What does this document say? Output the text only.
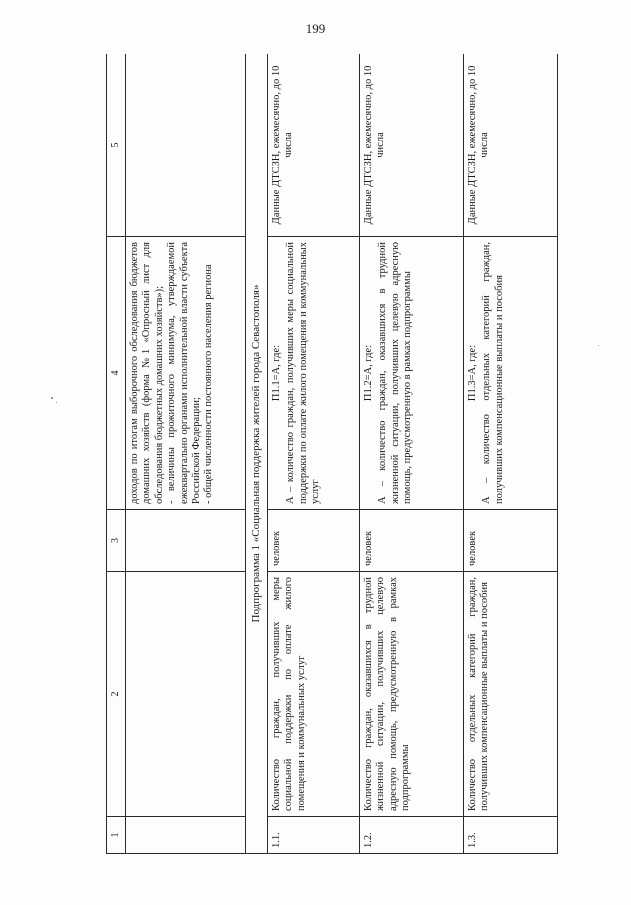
199
1	2	3	4	5

			доходов по итогам выборочного обследования бюджетов домашних хозяйств (форма №1 «Опросный лист для обследования бюджетных домашних хозяйств»);
- величины прожиточного минимума, утверждаемой ежеквартально органами исполнительной власти субъекта Российской Федерации;
- общей численности постоянного населения региона	

Подпрограмма 1 «Социальная поддержка жителей города Севастополя»				
1.1.	Количество граждан, получивших меры социальной поддержки по оплате жилого помещения и коммунальных услуг	человек	П1.1=А, где: А – количество граждан, получивших меры социальной поддержки по оплате жилого помещения и коммунальных услуг	Данные ДТСЗН, ежемесячно, до 10 числа
1.2.	Количество граждан, оказавшихся в трудной жизненной ситуации, получивших целевую адресную помощь, предусмотренную в рамках подпрограммы	человек	П1.2=А, где: А – количество граждан, оказавшихся в трудной жизненной ситуации, получивших целевую адресную помощь, предусмотренную в рамках подпрограммы	Данные ДТСЗН, ежемесячно, до 10 числа
1.3.	Количество отдельных категорий граждан, получивших компенсационные выплаты и пособия	человек	П1.3=А, где: А – количество отдельных категорий граждан, получивших компенсационные выплаты и пособия	Данные ДТСЗН, ежемесячно, до 10 числа
